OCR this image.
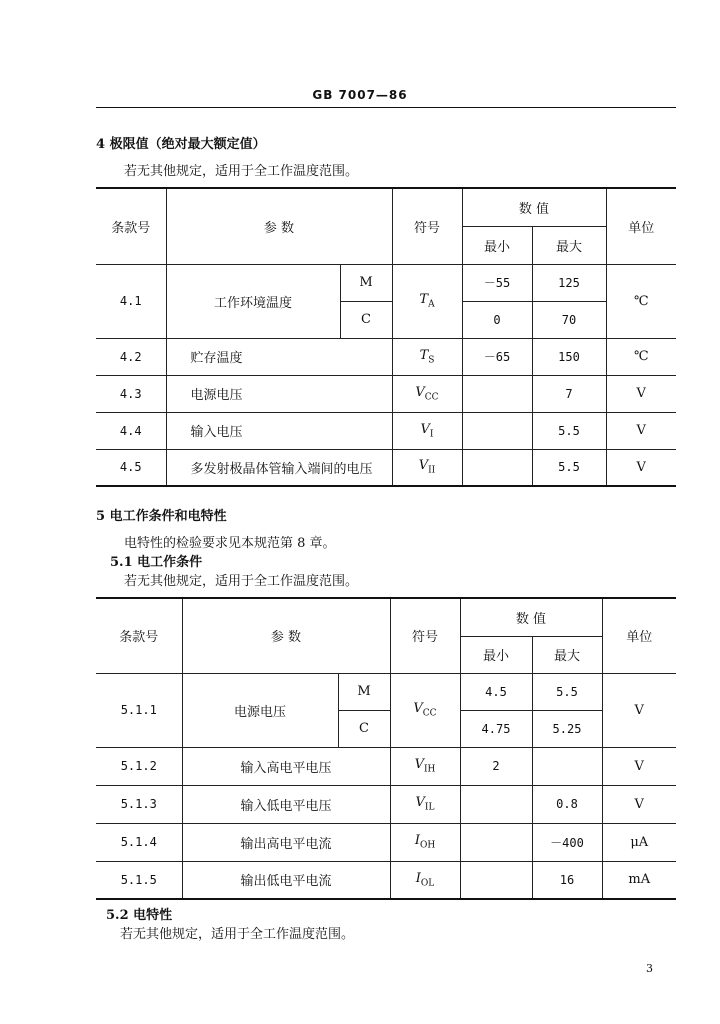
GB 7007—86
4 极限值（绝对最大额定值）
若无其他规定，适用于全工作温度范围。
条款号	参 数		符号	数 值		单位
				最小	最大	
4.1	工作环境温度	M	$T_A$	－55	125	℃
		C		0	70	
4.2	贮存温度		$T_S$	－65	150	℃
4.3	电源电压		$V_{CC}$		7	V
4.4	输入电压		$V_I$		5.5	V
4.5	多发射极晶体管输入端间的电压		$V_{II}$		5.5	V
5 电工作条件和电特性
电特性的检验要求见本规范第 8 章。
5.1 电工作条件
若无其他规定，适用于全工作温度范围。
条款号	参 数		符号	数 值		单位
				最小	最大	
5.1.1	电源电压	M	$V_{CC}$	4.5	5.5	V
		C		4.75	5.25	
5.1.2	输入高电平电压		$V_{IH}$	2		V
5.1.3	输入低电平电压		$V_{IL}$		0.8	V
5.1.4	输出高电平电流		$I_{OH}$		－400	μA
5.1.5	输出低电平电流		$I_{OL}$		16	mA
5.2 电特性
若无其他规定，适用于全工作温度范围。
3
